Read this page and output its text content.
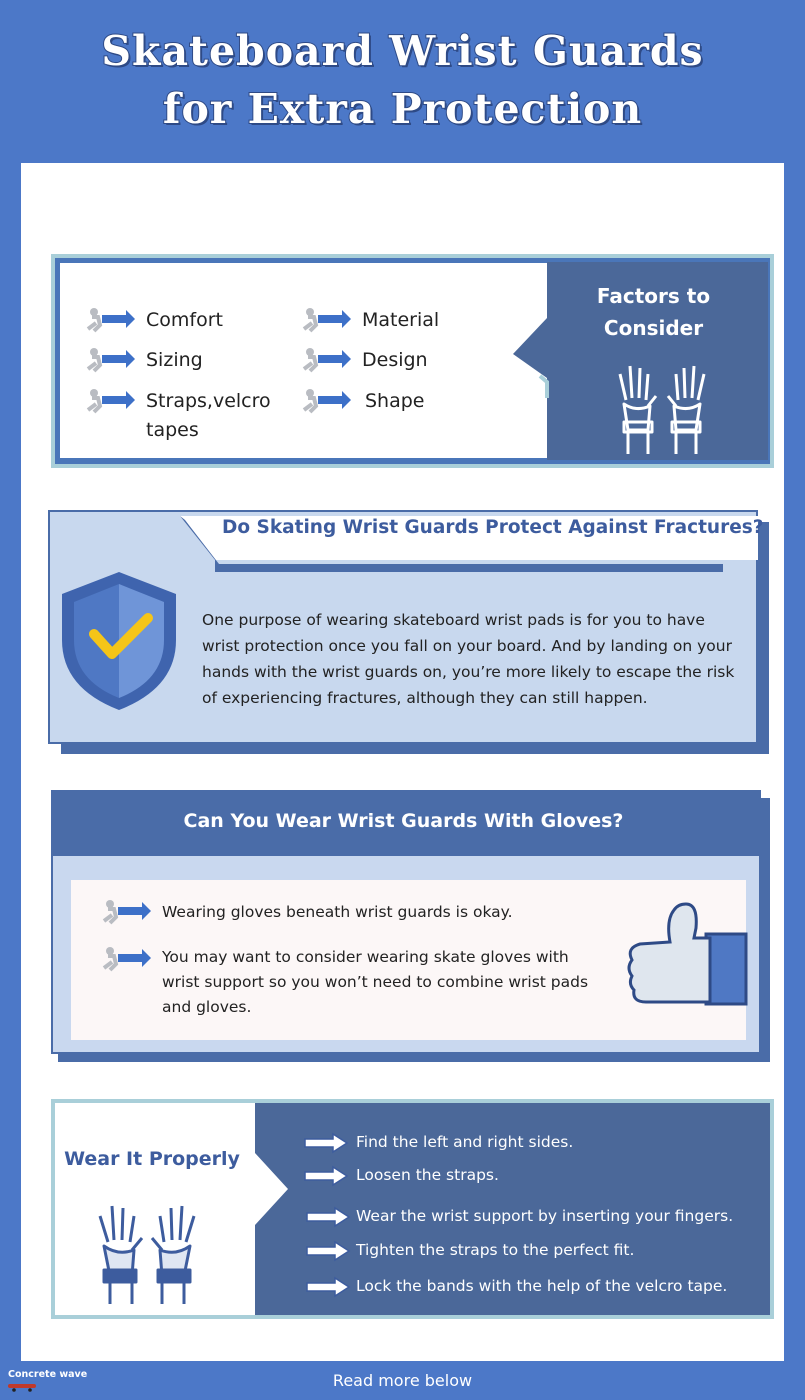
Skateboard Wrist Guards
for Extra Protection
Factors to Consider
Comfort
Sizing
Straps,velcro tapes
Material
Design
Shape
Do Skating Wrist Guards Protect Against Fractures?
One purpose of wearing skateboard wrist pads is for you to have wrist protection once you fall on your board. And by landing on your hands with the wrist guards on, you’re more likely to escape the risk of experiencing fractures, although they can still happen.
Can You Wear Wrist Guards With Gloves?
Wearing gloves beneath wrist guards is okay.
You may want to consider wearing skate gloves with wrist support so you won’t need to combine wrist pads and gloves.
Wear It Properly
Find the left and right sides.
Loosen the straps.
Wear the wrist support by inserting your fingers.
Tighten the straps to the perfect fit.
Lock the bands with the help of the velcro tape.
Concrete wave	Read more below
